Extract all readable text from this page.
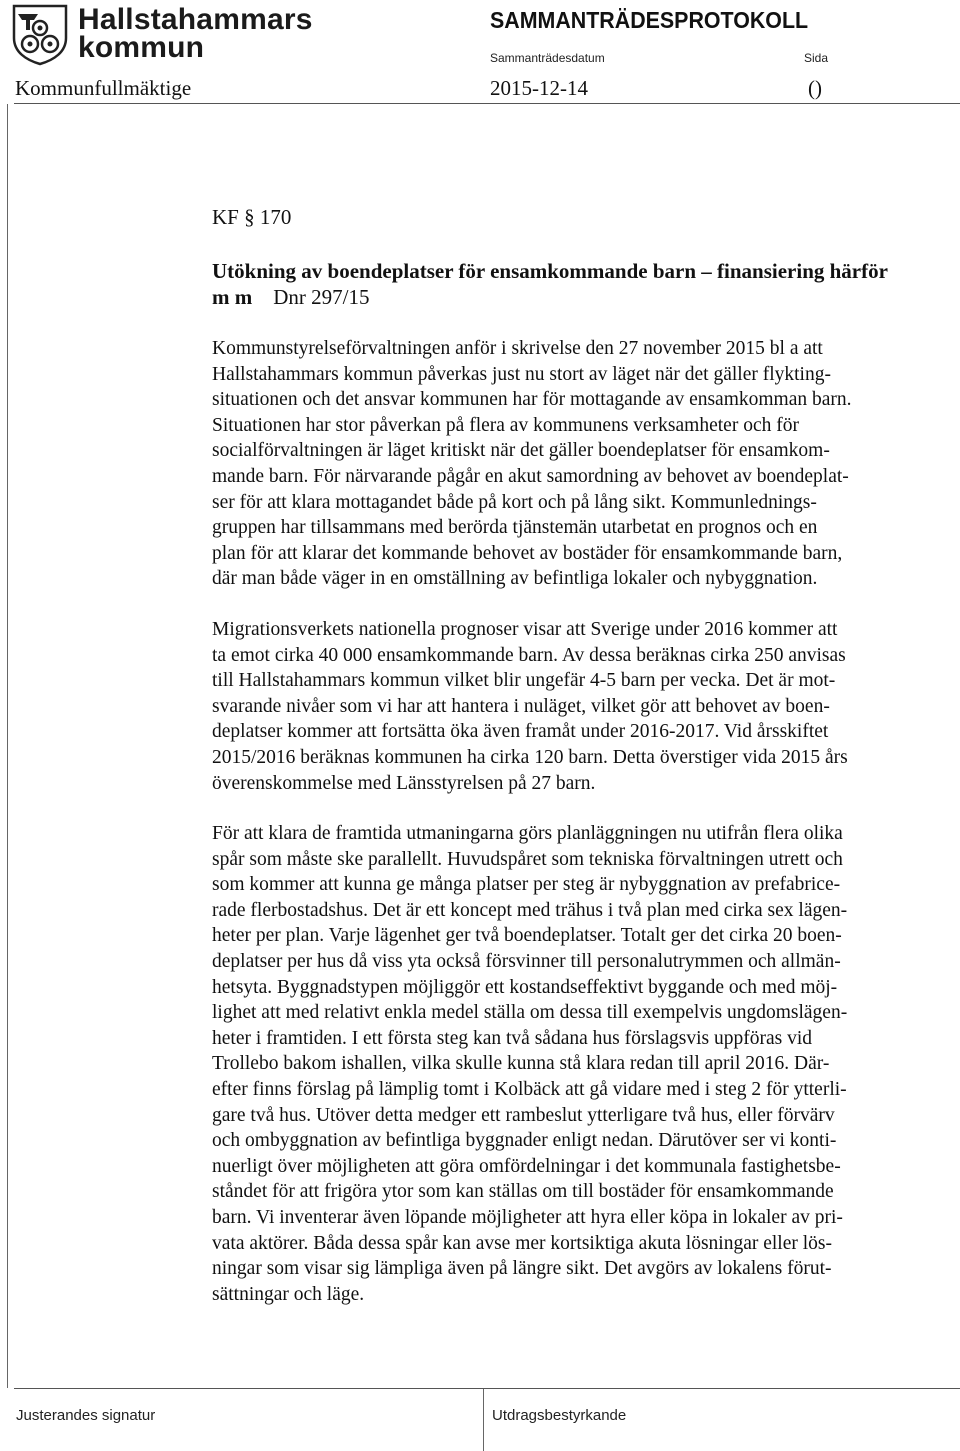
Hallstahammars
kommun
SAMMANTRÄDESPROTOKOLL
Sammanträdesdatum	Sida
Kommunfullmäktige	2015-12-14	()
KF § 170
Utökning av boendeplatser för ensamkommande barn – finansiering härför
m m Dnr 297/15
Kommunstyrelseförvaltningen anför i skrivelse den 27 november 2015 bl a att
Hallstahammars kommun påverkas just nu stort av läget när det gäller flykting-
situationen och det ansvar kommunen har för mottagande av ensamkomman barn.
Situationen har stor påverkan på flera av kommunens verksamheter och för
socialförvaltningen är läget kritiskt när det gäller boendeplatser för ensamkom-
mande barn. För närvarande pågår en akut samordning av behovet av boendeplat-
ser för att klara mottagandet både på kort och på lång sikt. Kommunlednings-
gruppen har tillsammans med berörda tjänstemän utarbetat en prognos och en
plan för att klarar det kommande behovet av bostäder för ensamkommande barn,
där man både väger in en omställning av befintliga lokaler och nybyggnation.
Migrationsverkets nationella prognoser visar att Sverige under 2016 kommer att
ta emot cirka 40 000 ensamkommande barn. Av dessa beräknas cirka 250 anvisas
till Hallstahammars kommun vilket blir ungefär 4-5 barn per vecka. Det är mot-
svarande nivåer som vi har att hantera i nuläget, vilket gör att behovet av boen-
deplatser kommer att fortsätta öka även framåt under 2016-2017. Vid årsskiftet
2015/2016 beräknas kommunen ha cirka 120 barn. Detta överstiger vida 2015 års
överenskommelse med Länsstyrelsen på 27 barn.
För att klara de framtida utmaningarna görs planläggningen nu utifrån flera olika
spår som måste ske parallellt. Huvudspåret som tekniska förvaltningen utrett och
som kommer att kunna ge många platser per steg är nybyggnation av prefabrice-
rade flerbostadshus. Det är ett koncept med trähus i två plan med cirka sex lägen-
heter per plan. Varje lägenhet ger två boendeplatser. Totalt ger det cirka 20 boen-
deplatser per hus då viss yta också försvinner till personalutrymmen och allmän-
hetsyta. Byggnadstypen möjliggör ett kostandseffektivt byggande och med möj-
lighet att med relativt enkla medel ställa om dessa till exempelvis ungdomslägen-
heter i framtiden. I ett första steg kan två sådana hus förslagsvis uppföras vid
Trollebo bakom ishallen, vilka skulle kunna stå klara redan till april 2016. Där-
efter finns förslag på lämplig tomt i Kolbäck att gå vidare med i steg 2 för ytterli-
gare två hus. Utöver detta medger ett rambeslut ytterligare två hus, eller förvärv
och ombyggnation av befintliga byggnader enligt nedan. Därutöver ser vi konti-
nuerligt över möjligheten att göra omfördelningar i det kommunala fastighetsbe-
ståndet för att frigöra ytor som kan ställas om till bostäder för ensamkommande
barn. Vi inventerar även löpande möjligheter att hyra eller köpa in lokaler av pri-
vata aktörer. Båda dessa spår kan avse mer kortsiktiga akuta lösningar eller lös-
ningar som visar sig lämpliga även på längre sikt. Det avgörs av lokalens förut-
sättningar och läge.
Justerandes signatur	Utdragsbestyrkande
